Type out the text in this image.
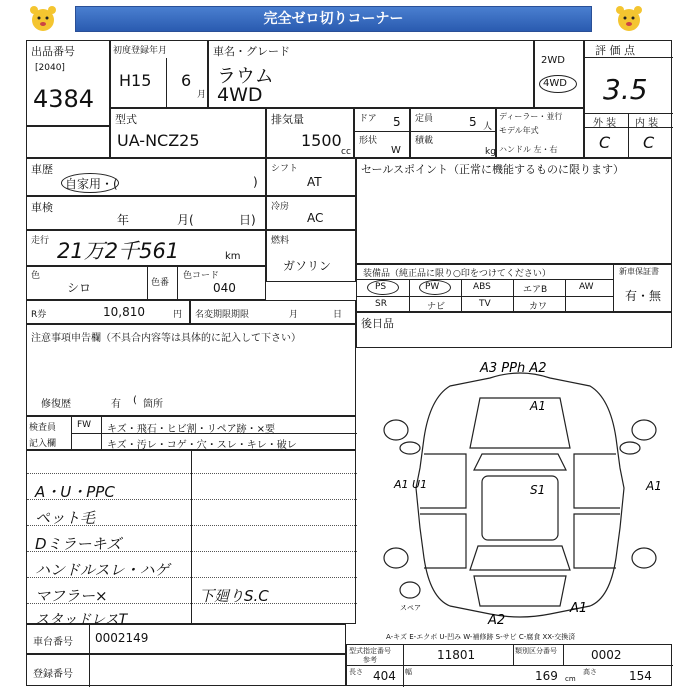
完全ゼロ切りコーナー
出品番号
[2040]
4384
初度登録年月
H15 6
月
車名・グレード
ラウム
4WD
2WD
4WD
評 価 点
3.5
外 装 内 装
C C
型式
UA-NCZ25
排気量
1500
cc
ドア 5
形状
W
定員	5 人
積載
kg
ディーラー・並行
モデル年式
ハンドル 左・右
車歴
自家用・(	)
シフト
AT
セールスポイント（正常に機能するものに限ります）
車検
年	月(	日)
冷房
AC
走行 21万2千561	km
燃料
ガソリン
色
シロ	色番
色コード
040
装備品（純正品に限り○印をつけてください）	新車保証書
有・無
PS	PW	ABS	エアB	AW
SR	ナビ	TV	カワ
R券	10,810	円 名変期限期限	月	日
後日品
注意事項申告欄（不具合内容等は具体的に記入して下さい）
修復歴	有 ( 箇所
検査員
記入欄
FW キズ・飛石・ヒビ割・リペア跡・×要
キズ・汚レ・コゲ・穴・スレ・キレ・破レ
A・U・PPC
ペット毛
Dミラーキズ
ハンドルスレ・ハゲ
マフラー×
スタッドレスT
下廻りS.C
A3 PPh A2
A1
A1 U1	S1	A1
A2
A1
スペア
A-キズ E-エクボ U-凹み W-補修跡 S-サビ C-腐食 XX-交換済
車台番号 0002149
登録番号
型式指定番号
参考	11801	類別区分番号	0002
長さ 404 幅	169 cm
高さ	154
